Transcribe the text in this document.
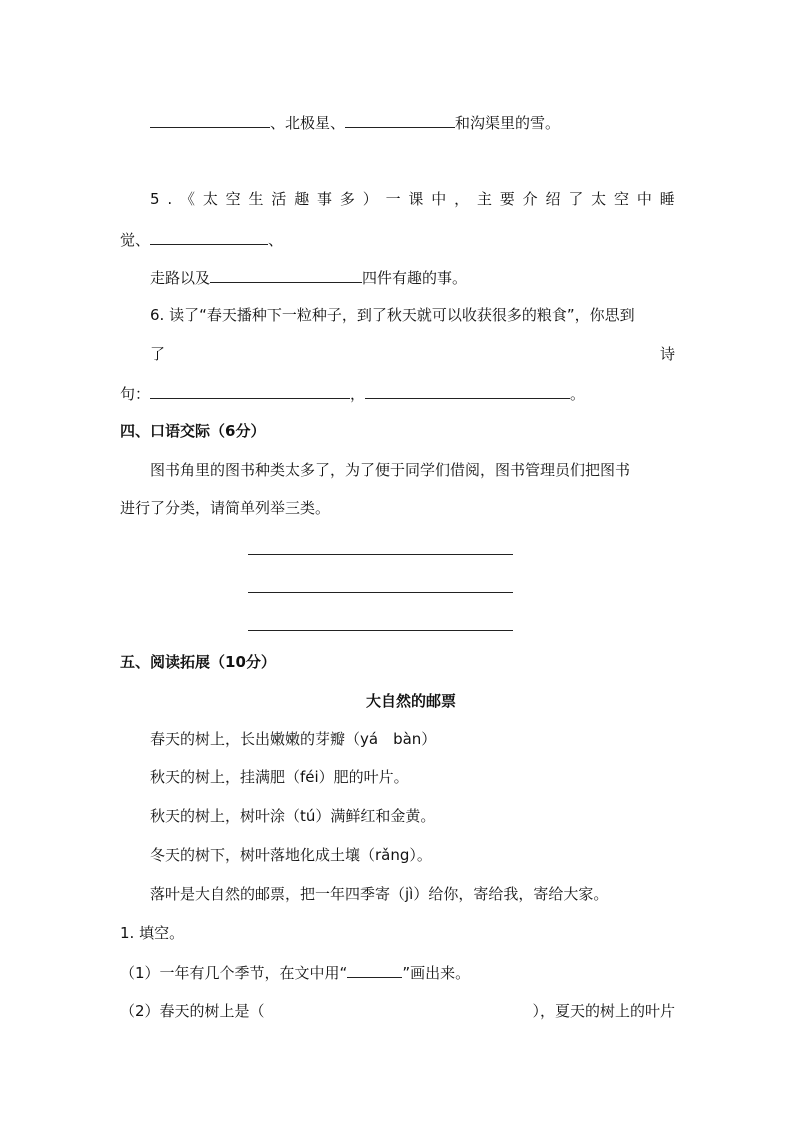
、北极星、	和沟渠里的雪。
5 . 《 太 空 生 活 趣 事 多 ） 一 课 中 ， 主 要 介 绍 了 太 空 中 睡
觉、	、
走路以及	四件有趣的事。
6. 读了“春天播种下一粒种子，到了秋天就可以收获很多的粮食”，你思到
了	诗
句：	，	。
四、口语交际（6分）
图书角里的图书种类太多了，为了便于同学们借阅，图书管理员们把图书
进行了分类，请简单列举三类。
五、阅读拓展（10分）
大自然的邮票
春天的树上，长出嫩嫩的芽瓣（yá　bàn）
秋天的树上，挂满肥（féi）肥的叶片。
秋天的树上，树叶涂（tú）满鲜红和金黄。
冬天的树下，树叶落地化成土壤（rǎng）。
落叶是大自然的邮票，把一年四季寄（jì）给你，寄给我，寄给大家。
1. 填空。
（1）一年有几个季节，在文中用“	”画出来。
（2）春天的树上是（	），夏天的树上的叶片
